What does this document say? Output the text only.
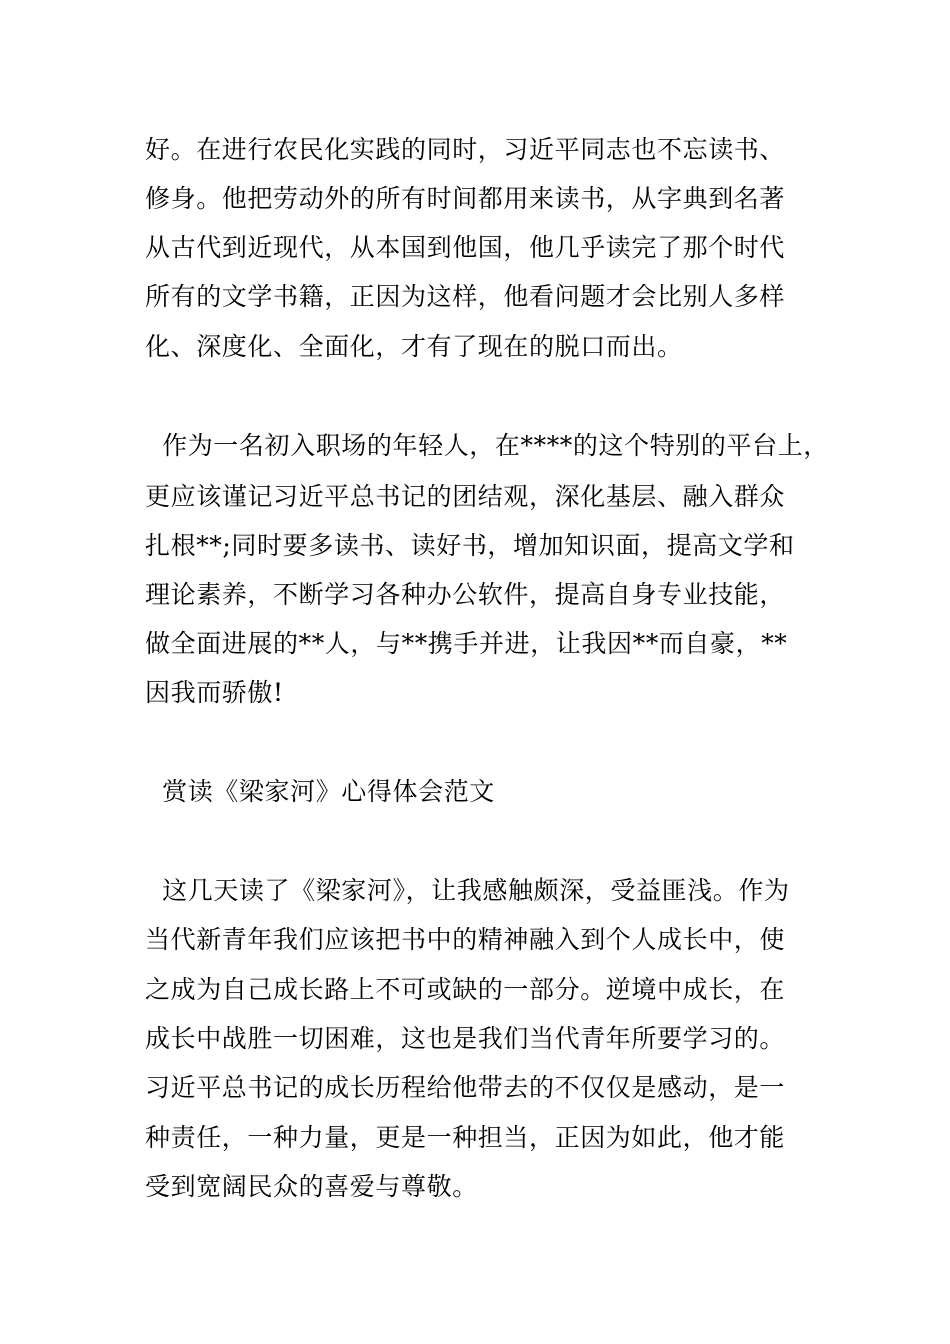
好。在进行农民化实践的同时，习近平同志也不忘读书、
修身。他把劳动外的所有时间都用来读书，从字典到名著
从古代到近现代，从本国到他国，他几乎读完了那个时代
所有的文学书籍，正因为这样，他看问题才会比别人多样
化、深度化、全面化，才有了现在的脱口而出。
作为一名初入职场的年轻人，在****的这个特别的平台上，
更应该谨记习近平总书记的团结观，深化基层、融入群众
扎根**;同时要多读书、读好书，增加知识面，提高文学和
理论素养，不断学习各种办公软件，提高自身专业技能，
做全面进展的**人，与**携手并进，让我因**而自豪，**
因我而骄傲!
赏读《梁家河》心得体会范文
这几天读了《梁家河》，让我感触颇深，受益匪浅。作为
当代新青年我们应该把书中的精神融入到个人成长中，使
之成为自己成长路上不可或缺的一部分。逆境中成长，在
成长中战胜一切困难，这也是我们当代青年所要学习的。
习近平总书记的成长历程给他带去的不仅仅是感动，是一
种责任，一种力量，更是一种担当，正因为如此，他才能
受到宽阔民众的喜爱与尊敬。
